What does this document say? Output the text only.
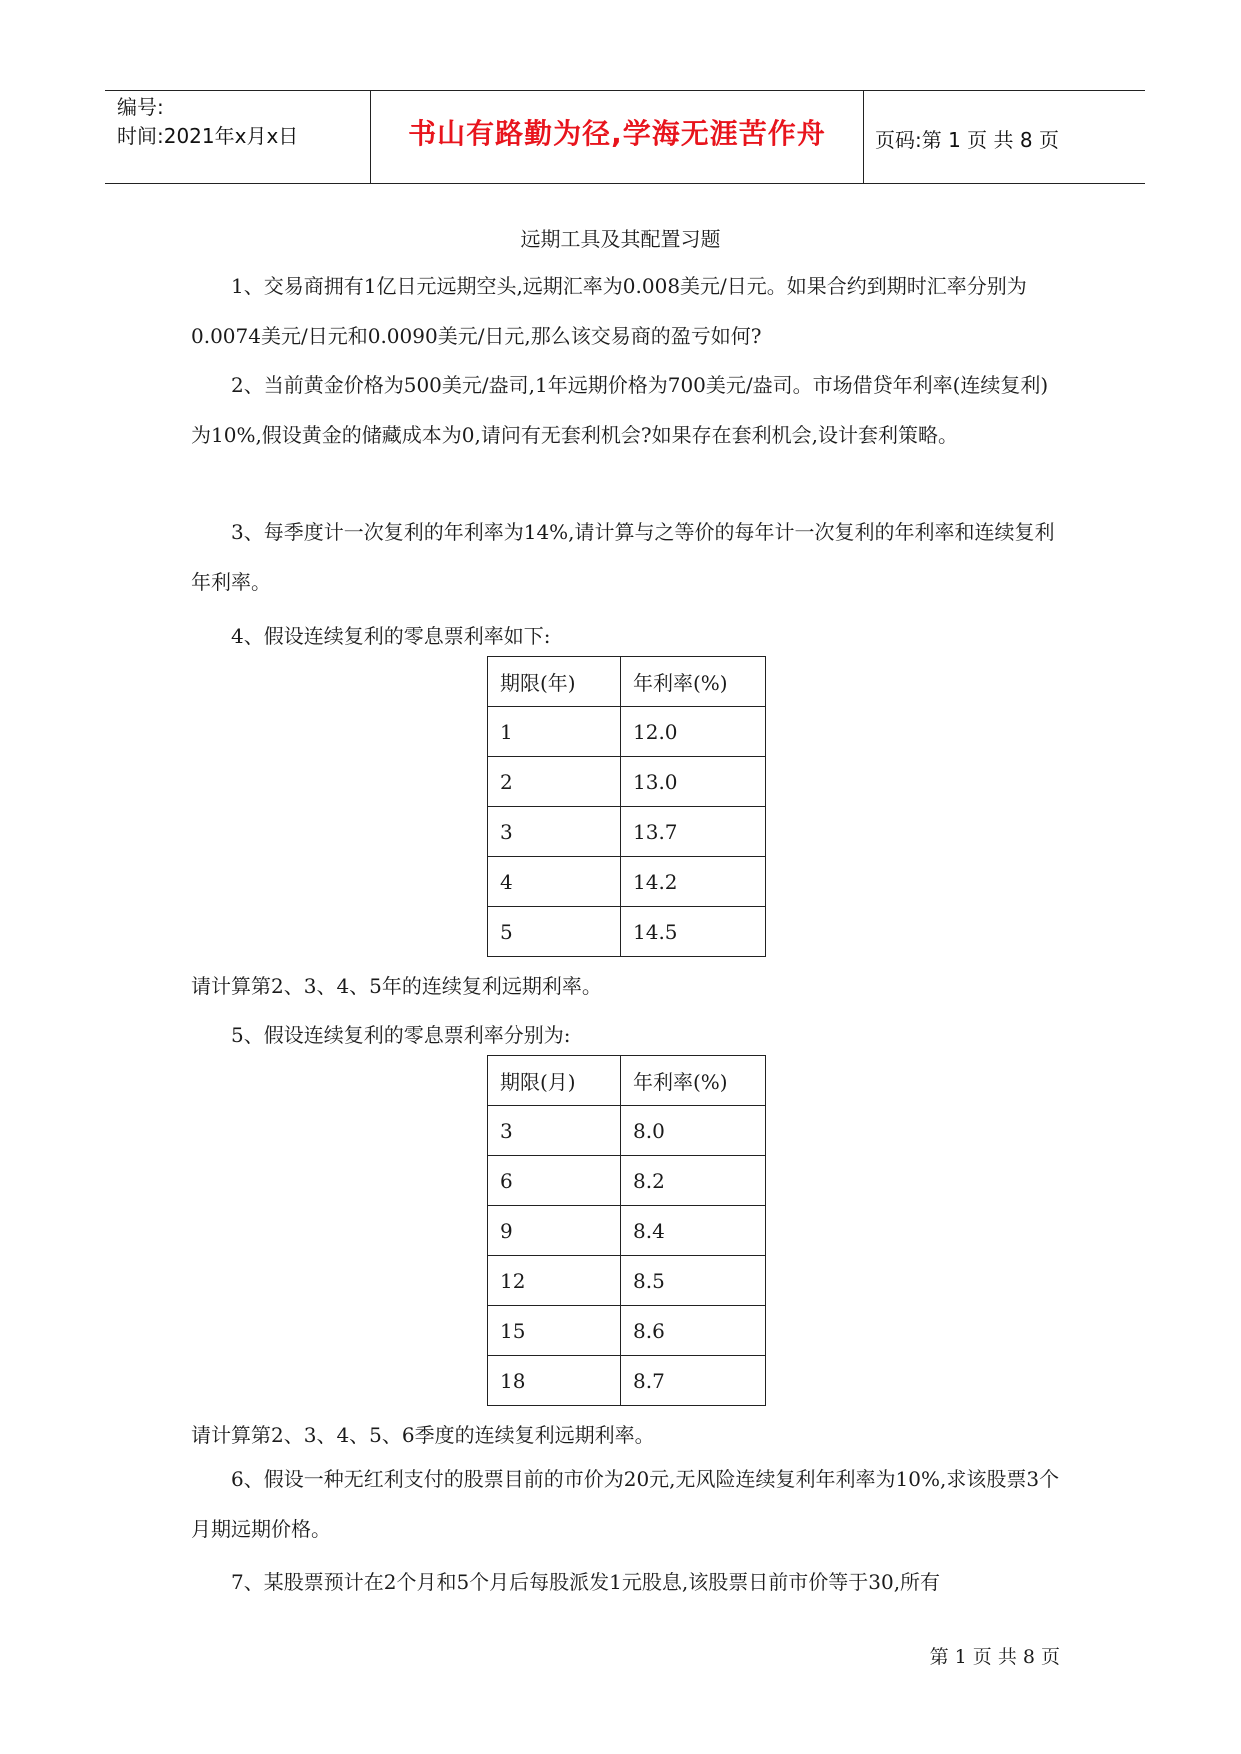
编号:
时间:2021年x月x日	书山有路勤为径,学海无涯苦作舟	页码:第 1 页 共 8 页
远期工具及其配置习题
1、交易商拥有1亿日元远期空头,远期汇率为0.008美元/日元。如果合约到期时汇率分别为0.0074美元/日元和0.0090美元/日元,那么该交易商的盈亏如何?
2、当前黄金价格为500美元/盎司,1年远期价格为700美元/盎司。市场借贷年利率(连续复利)为10%,假设黄金的储藏成本为0,请问有无套利机会?如果存在套利机会,设计套利策略。
3、每季度计一次复利的年利率为14%,请计算与之等价的每年计一次复利的年利率和连续复利年利率。
4、假设连续复利的零息票利率如下:
期限(年)	年利率(%)
1	12.0
2	13.0
3	13.7
4	14.2
5	14.5
请计算第2、3、4、5年的连续复利远期利率。
5、假设连续复利的零息票利率分别为:
期限(月)	年利率(%)
3	8.0
6	8.2
9	8.4
12	8.5
15	8.6
18	8.7
请计算第2、3、4、5、6季度的连续复利远期利率。
6、假设一种无红利支付的股票目前的市价为20元,无风险连续复利年利率为10%,求该股票3个月期远期价格。
7、某股票预计在2个月和5个月后每股派发1元股息,该股票日前市价等于30,所有
第 1 页 共 8 页
